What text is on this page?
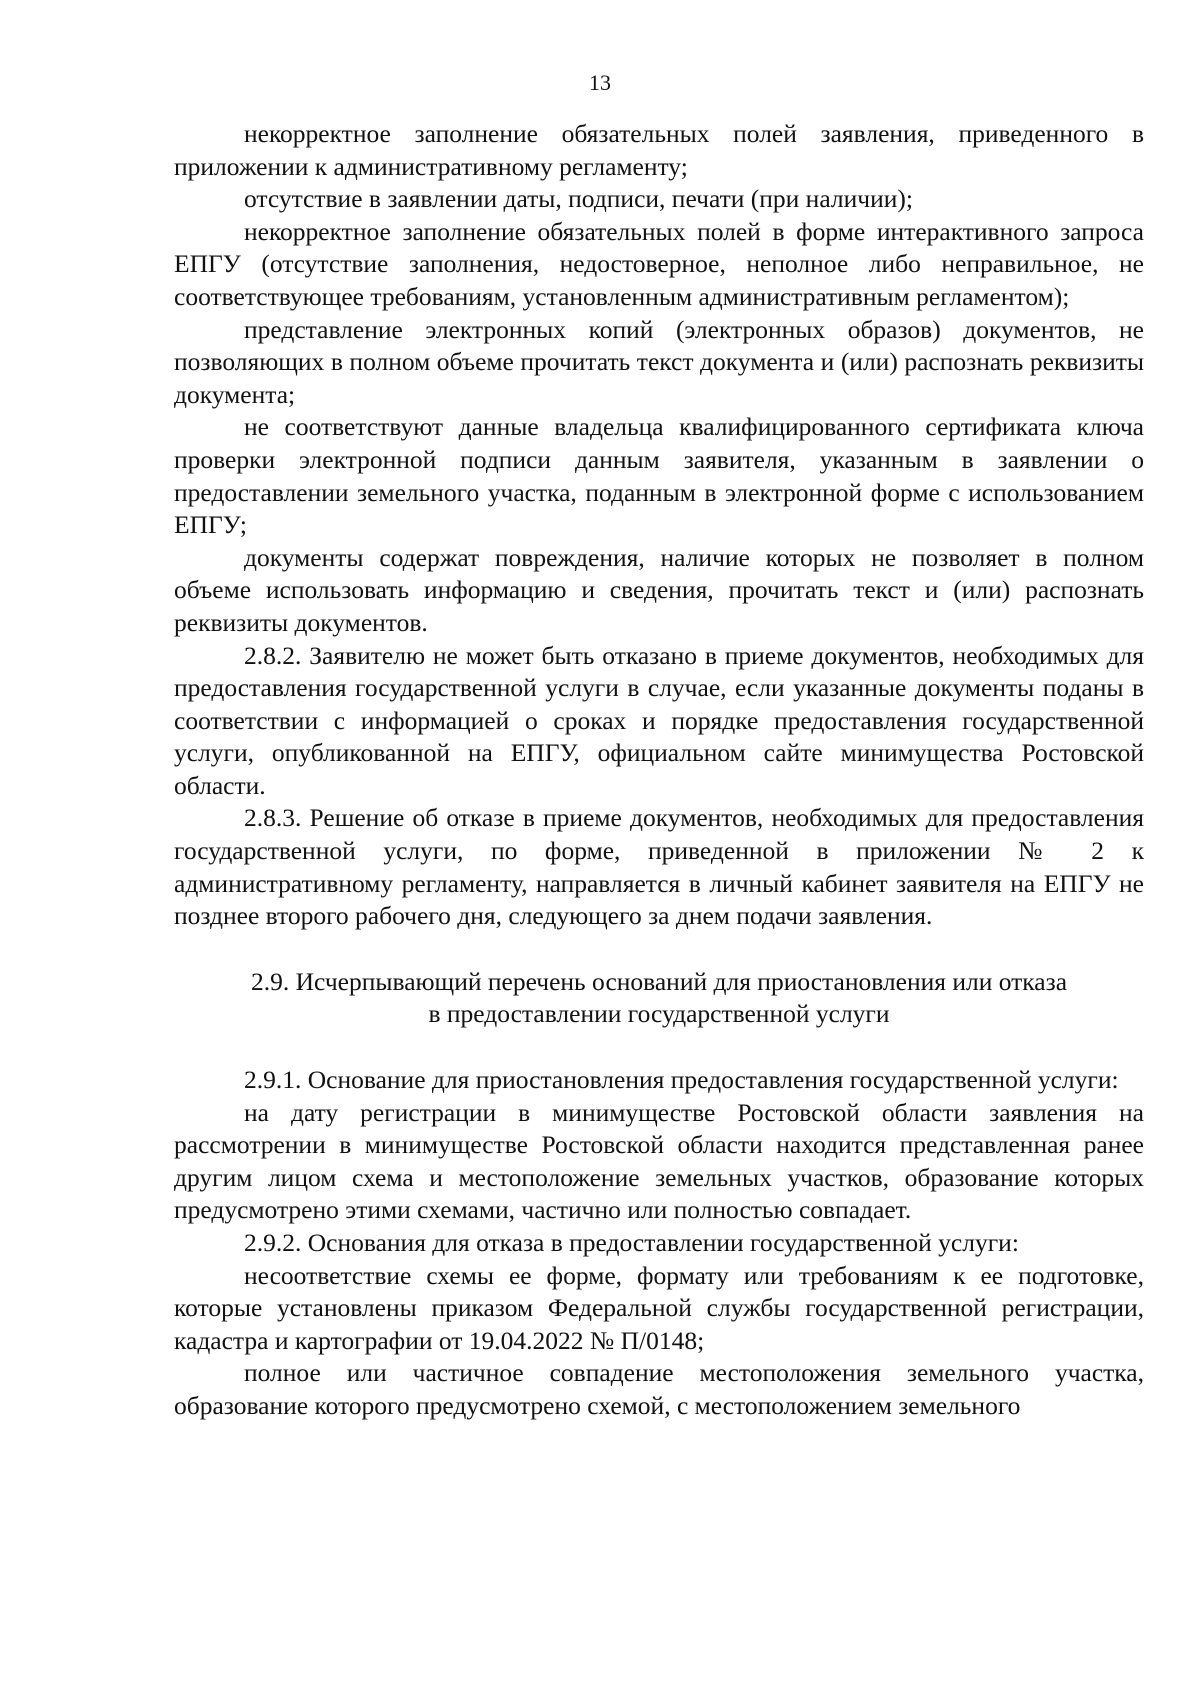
13

некорректное заполнение обязательных полей заявления, приведенного в приложении к административному регламенту;

отсутствие в заявлении даты, подписи, печати (при наличии);

некорректное заполнение обязательных полей в форме интерактивного запроса ЕПГУ (отсутствие заполнения, недостоверное, неполное либо неправильное, не соответствующее требованиям, установленным административным регламентом);

представление электронных копий (электронных образов) документов, не позволяющих в полном объеме прочитать текст документа и (или) распознать реквизиты документа;

не соответствуют данные владельца квалифицированного сертификата ключа проверки электронной подписи данным заявителя, указанным в заявлении о предоставлении земельного участка, поданным в электронной форме с использованием ЕПГУ;

документы содержат повреждения, наличие которых не позволяет в полном объеме использовать информацию и сведения, прочитать текст и (или) распознать реквизиты документов.

2.8.2. Заявителю не может быть отказано в приеме документов, необходимых для предоставления государственной услуги в случае, если указанные документы поданы в соответствии с информацией о сроках и порядке предоставления государственной услуги, опубликованной на ЕПГУ, официальном сайте минимущества Ростовской области.

2.8.3. Решение об отказе в приеме документов, необходимых для предоставления государственной услуги, по форме, приведенной в приложении № 2 к административному регламенту, направляется в личный кабинет заявителя на ЕПГУ не позднее второго рабочего дня, следующего за днем подачи заявления.

2.9. Исчерпывающий перечень оснований для приостановления или отказа
в предоставлении государственной услуги

2.9.1. Основание для приостановления предоставления государственной услуги:

на дату регистрации в минимуществе Ростовской области заявления на рассмотрении в минимуществе Ростовской области находится представленная ранее другим лицом схема и местоположение земельных участков, образование которых предусмотрено этими схемами, частично или полностью совпадает.

2.9.2. Основания для отказа в предоставлении государственной услуги:

несоответствие схемы ее форме, формату или требованиям к ее подготовке, которые установлены приказом Федеральной службы государственной регистрации, кадастра и картографии от 19.04.2022 № П/0148;

полное или частичное совпадение местоположения земельного участка, образование которого предусмотрено схемой, с местоположением земельного
